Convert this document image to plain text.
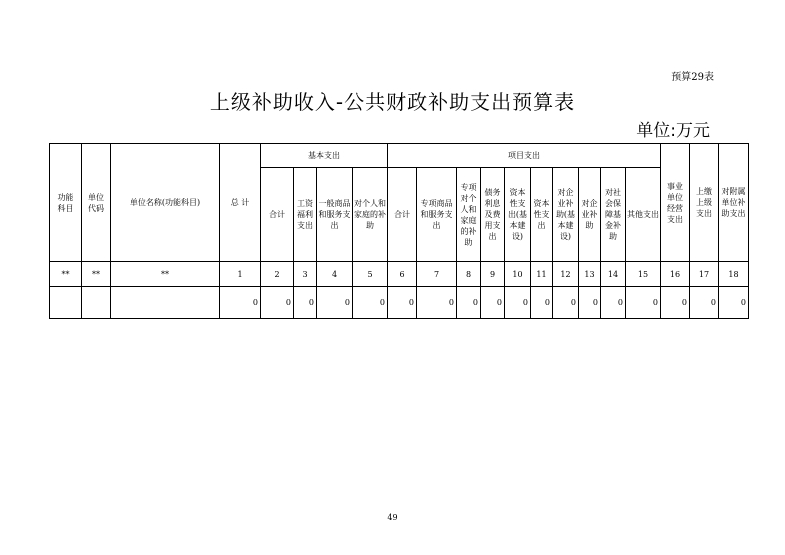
预算29表
上级补助收入-公共财政补助支出预算表
单位:万元
功能科目	单位代码	单位名称(功能科目)	总 计	基本支出				项目支出										事业单位经营支出	上缴上级支出	对附属单位补助支出

				合计	工资福利支出	一般商品和服务支出	对个人和家庭的补助	合计	专项商品和服务支出	专项对个人和家庭的补助	债务利息及费用支出	资本性支出(基本建设)	资本性支出	对企业补助(基本建设)	对企业补助	对社会保障基金补助	其他支出			

**	**	**	1	2	3	4	5	6	7	8	9	10	11	12	13	14	15	16	17	18
			0	0	0	0	0	0	0	0	0	0	0	0	0	0	0	0	0	0
49
